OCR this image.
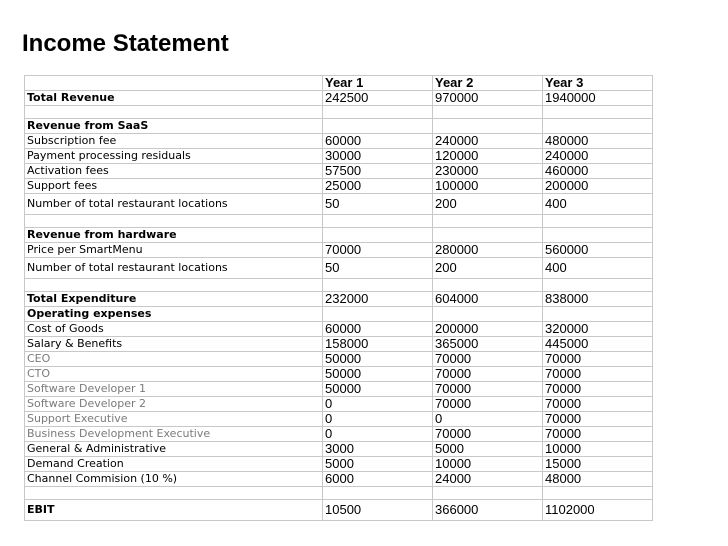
Income Statement
	Year 1	Year 2	Year 3
Total Revenue	242500	970000	1940000

Revenue from SaaS			
Subscription fee	60000	240000	480000
Payment processing residuals	30000	120000	240000
Activation fees	57500	230000	460000
Support fees	25000	100000	200000
Number of total restaurant locations	50	200	400

Revenue from hardware			
Price per SmartMenu	70000	280000	560000
Number of total restaurant locations	50	200	400

Total Expenditure	232000	604000	838000
Operating expenses			
Cost of Goods	60000	200000	320000
Salary & Benefits	158000	365000	445000
CEO	50000	70000	70000
CTO	50000	70000	70000
Software Developer 1	50000	70000	70000
Software Developer 2	0	70000	70000
Support Executive	0	0	70000
Business Development Executive	0	70000	70000
General & Administrative	3000	5000	10000
Demand Creation	5000	10000	15000
Channel Commision (10 %)	6000	24000	48000

EBIT	10500	366000	1102000
